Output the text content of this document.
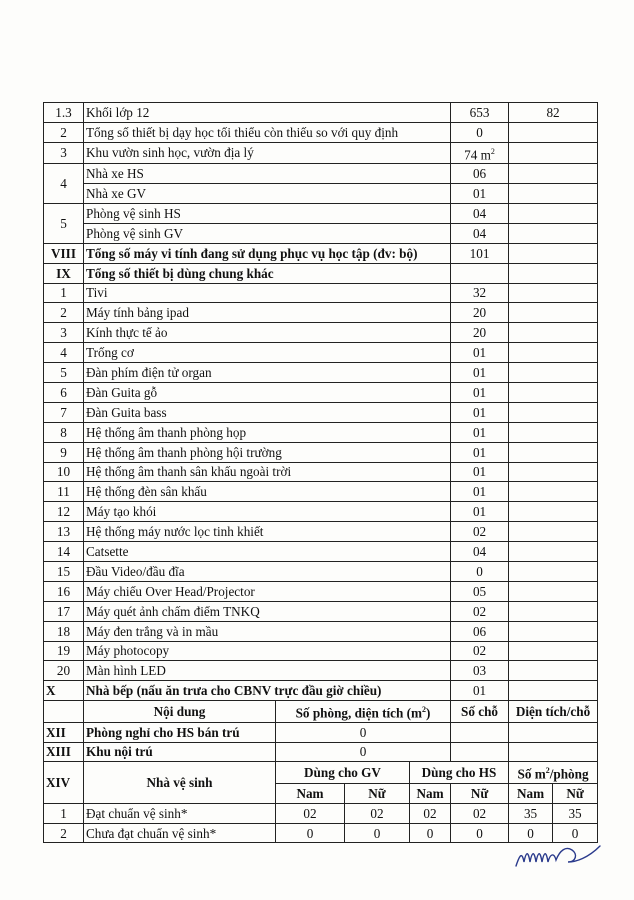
1.3	Khối lớp 12				653	82	
2	Tổng số thiết bị dạy học tối thiểu còn thiếu so với quy định				0		
3	Khu vườn sinh học, vườn địa lý				74 $m^2$	
4	Nhà xe HS				06		
	Nhà xe GV				01		
5	Phòng vệ sinh HS				04		
	Phòng vệ sinh GV				04		
VIII	Tổng số máy vi tính đang sử dụng phục vụ học tập (đv: bộ)				101		
IX	Tổng số thiết bị dùng chung khác						
1	Tivi				32		
2	Máy tính bảng ipad				20		
3	Kính thực tế ảo				20		
4	Trống cơ				01		
5	Đàn phím điện tử organ				01		
6	Đàn Guita gỗ				01		
7	Đàn Guita bass				01		
8	Hệ thống âm thanh phòng họp				01		
9	Hệ thống âm thanh phòng hội trường				01		
10	Hệ thống âm thanh sân khấu ngoài trời				01		
11	Hệ thống đèn sân khấu				01		
12	Máy tạo khói				01		
13	Hệ thống máy nước lọc tinh khiết				02		
14	Catsette				04		
15	Đầu Video/đầu đĩa				0		
16	Máy chiếu Over Head/Projector				05		
17	Máy quét ảnh chấm điểm TNKQ				02		
18	Máy đen trắng và in mầu				06		
19	Máy photocopy				02		
20	Màn hình LED				03		
X	Nhà bếp (nấu ăn trưa cho CBNV trực đầu giờ chiều)				01		
	Nội dung	Số phòng, diện tích $(m^2)$			Số chỗ	Diện tích/chỗ	
XII	Phòng nghỉ cho HS bán trú	0					
XIII	Khu nội trú	0					
XIV	Nhà vệ sinh	Dùng cho GV		Dùng cho HS		Số $m^2$/phòng	
		Nam	Nữ	Nam	Nữ	Nam	Nữ
1	Đạt chuẩn vệ sinh*	02	02	02	02	35	35
2	Chưa đạt chuẩn vệ sinh*	0	0	0	0	0	0
